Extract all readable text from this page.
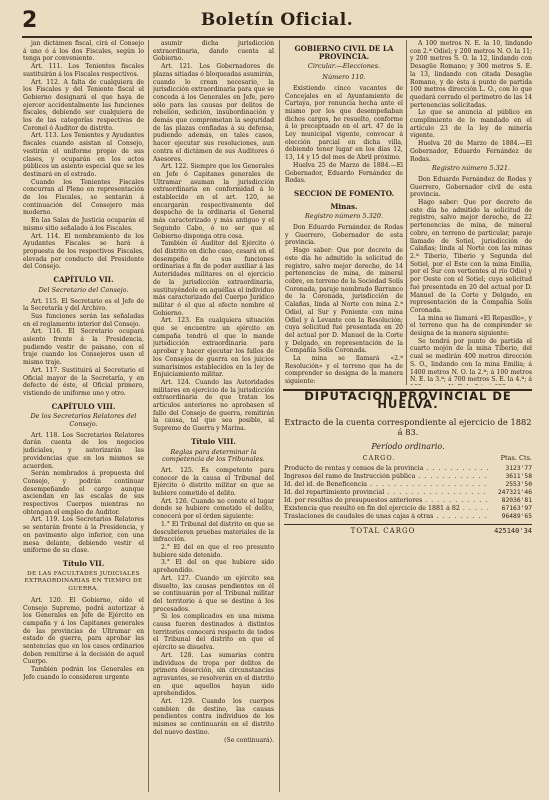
2	Boletín Oficial.

jan dictámen fiscal, cirá el Consejo á uno ó á los dos Fiscales, según lo tenga por conveniente.

Art. 111. Los Tenientes fiscales sustituirán á los Fiscales respectivos.

Art. 112. A falta de cualquiera de los Fiscales y del Teniente fiscal el Gobierno designará el que haya de ejercer accidentalmente las funciones fiscales, debiendo ser cualquiera de los de las categorías respectivas de Coronel ó Auditor de distrito.

Art. 113. Los Tenientes y Ayudantes fiscales cuando asistan al Consejo, vestirán el uniforme propio de sus clases, y ocuparán en los actos públicos un asiento especial que se les destinará en el estrado.

Cuando los Tenientes Fiscales concurran al Pleno en representación de los Fiscales, se sentarán á continuación del Consejero más moderno.

En las Salas de Justicia ocuparán el mismo sitio señalado á los Fiscales.

Art. 114. El nombramiento de los Ayudantes Fiscales se hará á propuesta de los respectivos Fiscales, elevada por conducto del Presidente del Consejo.

CAPÍTULO VII.

Del Secretario del Consejo.

Art. 115. El Secretario es el Jefe de la Secretaría y del Archivo.

Sus funciones serán las señaladas en el reglamento interior del Consejo.

Art. 116. El Secretario ocupará asiento frente á la Presidencia, pudiendo vestir de paisano, con el traje cuando los Consejeros usen el mismo traje.

Art. 117. Sustituirá al Secretario el Oficial mayor de la Secretaría, y en defecto de éste, el Oficial primero, vistiendo de uniforme uno y otro.

CAPÍTULO VIII.

De los Secretarios Relatores del Consejo.

Art. 118. Los Secretarios Relatores darán cuenta de los negocios judiciales, y autorizarán las providencias que en los mismos se acuerden.

Serán nombrados á propuesta del Consejo, y podrán continuar desempeñando el cargo aunque asciendan en las escalas de sus respectivos Cuerpos mientras no obtengan el empleo de Auditor.

Art. 119. Los Secretarios Relatores se sentarán frente á la Presidencia, y en pavimento algo inferior, con una mesa delante, debiendo vestir el uniforme de su clase.

Título VII.

DE LAS FACULTADES JUDICIALES EXTRAORDINARIAS EN TIEMPO DE GUERRA.

Art. 120. El Gobierno, oído el Consejo Supremo, podrá autorizar á los Generales en Jefe de Ejército en campaña y á los Capitanes generales de las provincias de Ultramar en estado de guerra, para aprobar las sentencias que en los casos ordinarios deben remitirse á la decisión de aquel Cuerpo.

También podrán los Generales en Jefe cuando lo consideren urgente

asumir dicha jurisdicción extraordinaria, dando cuenta al Gobierno.

Art. 121. Los Gobernadores de plazas sitiadas ó bloqueadas asumirán, cuando lo crean necesario, la jurisdicción extraordinaria para que se conceda á los Generales en Jefe, pero sólo para las causas por delitos de rebelión, sedición, insubordinación y demás que comprometan la seguridad de las plazas confiadas á su defensa, pudiendo además, en tales casos, hacer ejecutar sus resoluciones, aun contra el dictámen de sus Auditores ó Asesores.

Art. 122. Siempre que los Generales en Jefe ó Capitanes generales de Ultramar asuman la jurisdicción extraordinaria en conformidad á lo establecido en el art. 120, se encargarán respectivamente del despacho de la ordinaria el General más caracterizado y más antiguo y el Segundo Cabo, ó no ser que el Gobierno disponga otra cosa.

También el Auditor del Ejército ó del distrito en dicho caso, cesará en el desempeño de sus funciones ordinarias á fin de poder auxiliar á las Autoridades militares en el ejercicio de la jurisdicción extraordinaria, sustituyéndole en aquéllas el individuo más caracterizado del Cuerpo Jurídico militar ó el que al efecto nombre el Gobierno.

Art. 123. En cualquiera situación que se encuentre un ejército en campaña tendrá el que lo mande jurisdicción extraordinaria para aprobar y hacer ejecutar los fallos de los Consejos de guerra en los juicios sumarísimos establecidos en la ley de Enjuiciamiento militar.

Art. 124. Cuando las Autoridades militares en ejercicio de la jurisdicción extraordinaria de que tratan los artículos anteriores no aprobasen el fallo del Consejo de guerra, remitirán la causa, tal que sea posible, al Supremo de Guerra y Marina.

Título VIII.

Reglas para determinar la competencia de los Tribunales.

Art. 125. Es competente para conocer de la causa el Tribunal del Ejército ó distrito militar en que se hubiere cometido el delito.

Art. 126. Cuando no conste el lugar donde se hubiere cometido el delito, conocerá por el órden siguiente:

1.° El Tribunal del distrito en que se descubrieren pruebas materiales de la infracción.

2.° El del en que el reo presunto hubiere sido detenido.

3.° El del en que hubiere sido aprehendido.

Art. 127. Cuando un ejército sea disuelto, las causas pendientes en él se continuarán por el Tribunal militar del territorio á que se destine á los procesados.

Si los complicados en una misma causa fueren destinados á distintos territorios conocerá respecto de todos el Tribunal del distrito en que el ejército se disuelva.

Art. 128. Las sumarias contra individuos de tropa por delitos de primera deserción, sin circunstancias agravantes, se resolverán en el distrito en que aquellos hayan sido aprehendidos.

Art. 129. Cuando los cuerpos cambien de destino, las causas pendientes contra individuos de los mismos se continuarán en el distrito del nuevo destino.

(Se continuará).

GOBIERNO CIVIL DE LA PROVINCIA.

Circular.—Elecciones.

Número 110.

Existiendo cinco vacantes de Concejales en el Ayuntamiento de Cartaya, por renuncia hecha ante el mismo por los que desempeñaban dichos cargos, he resuelto, conforme á lo preceptuado en el art. 47 de la Ley municipal vigente, convocar á elección parcial en dicha villa, debiendo tener lugar en los días 12, 13, 14 y 15 del mes de Abril próximo.

Huelva 25 de Marzo de 1884.—El Gobernador, Eduardo Fernández de Rodas.

SECCION DE FOMENTO.

Minas.

Registro número 5.320.

Don Eduardo Fernández de Rodas y Guerrero, Gobernador de esta provincia.

Hago saber: Que por decreto de este día he admitido la solicitud de registro, salvo mejor derecho, de 14 pertenencias de mina, de mineral cobre, en terreno de la Sociedad Solís Coronada, paraje nombrado Barranco de la Coronada, jurisdicción de Calañas, linda al Norte con mina 2.ª Odiel, al Sur y Poniente con mina Odiel y á Levante con la Resolución; cuya solicitud fué presentada en 20 del actual por D. Manuel de la Corte y Delgado, en representación de la Compañía Solís Coronada.

La mina se llamará «2.ª Resolución» y el terreno que ha de comprender se designa de la manera siguiente:

A 100 metros N. E. la 10, lindando con 2.ª Odiel; y 200 metros N. O. la 11; y 200 metros S. O. la 12, lindando con Desagüe Romano; y 300 metros S. E. la 13, lindando con citada Desagüe Romano, y de ésta á punto de partida 100 metros dirección L. O., con lo que quedará cerrado el perímetro de las 14 pertenencias solicitadas.

Lo que se anuncia al público en cumplimiento de lo mandado en el artículo 23 de la ley de minería vigente.

Huelva 20 de Marzo de 1884.—El Gobernador, Eduardo Fernández de Rodas.

Registro número 5.321.

Don Eduardo Fernández de Rodas y Guerrero, Gobernador civil de esta provincia.

Hago saber: Que por decreto de este día he admitido la solicitud de registro, salvo mejor derecho, de 22 pertenencias de mina, de mineral cobre, en terreno de particular, paraje llamado de Sotiel, jurisdicción de Calañas; linda al Norte con las minas 2.ª Tiberio, Tiberio y Segunda del Sotiel, por el Este con la mina Emilia, por el Sur con vertientes al río Odiel y por Oeste con el Sotiel; cuya solicitud fué presentada en 20 del actual por D. Manuel de la Corte y Delgado, en representación de la Compañía Solís Coronada.

La mina se llamará «El Repasillo», y el terreno que ha de comprender se designa de la manera siguiente:

Se tendrá por punto de partida el cuarto mojón de la mina Tiberio, del cual se medirán 400 metros dirección S. O., lindando con la mina Emilia; á 1400 metros N. O. la 2.ª; á 100 metros N. E. la 3.ª; á 700 metros S. E. la 4.ª; á

DIPUTACION PROVINCIAL DE HUELVA.
Extracto de la cuenta correspondiente al ejercicio de 1882 á 83.
Período ordinario.
CARGO.	Ptas. Cts.
Producto de rentas y censos de la provincia . . .	3123'77
Ingresos del ramo de Instrucción pública . . .	3611'58
Id. del id. de Beneficencia . . .	2553'50
Id. del repartimiento provincial . . .	247321'46
Id. por resultas de presupuestos anteriores . . .	82036'81
Existencia que resultó en fin del ejercicio de 1881 á 82 . . .	67163'97
Traslaciones de caudales de unas cajas á otras . . .	96489'65
TOTAL CARGO	425140'34
